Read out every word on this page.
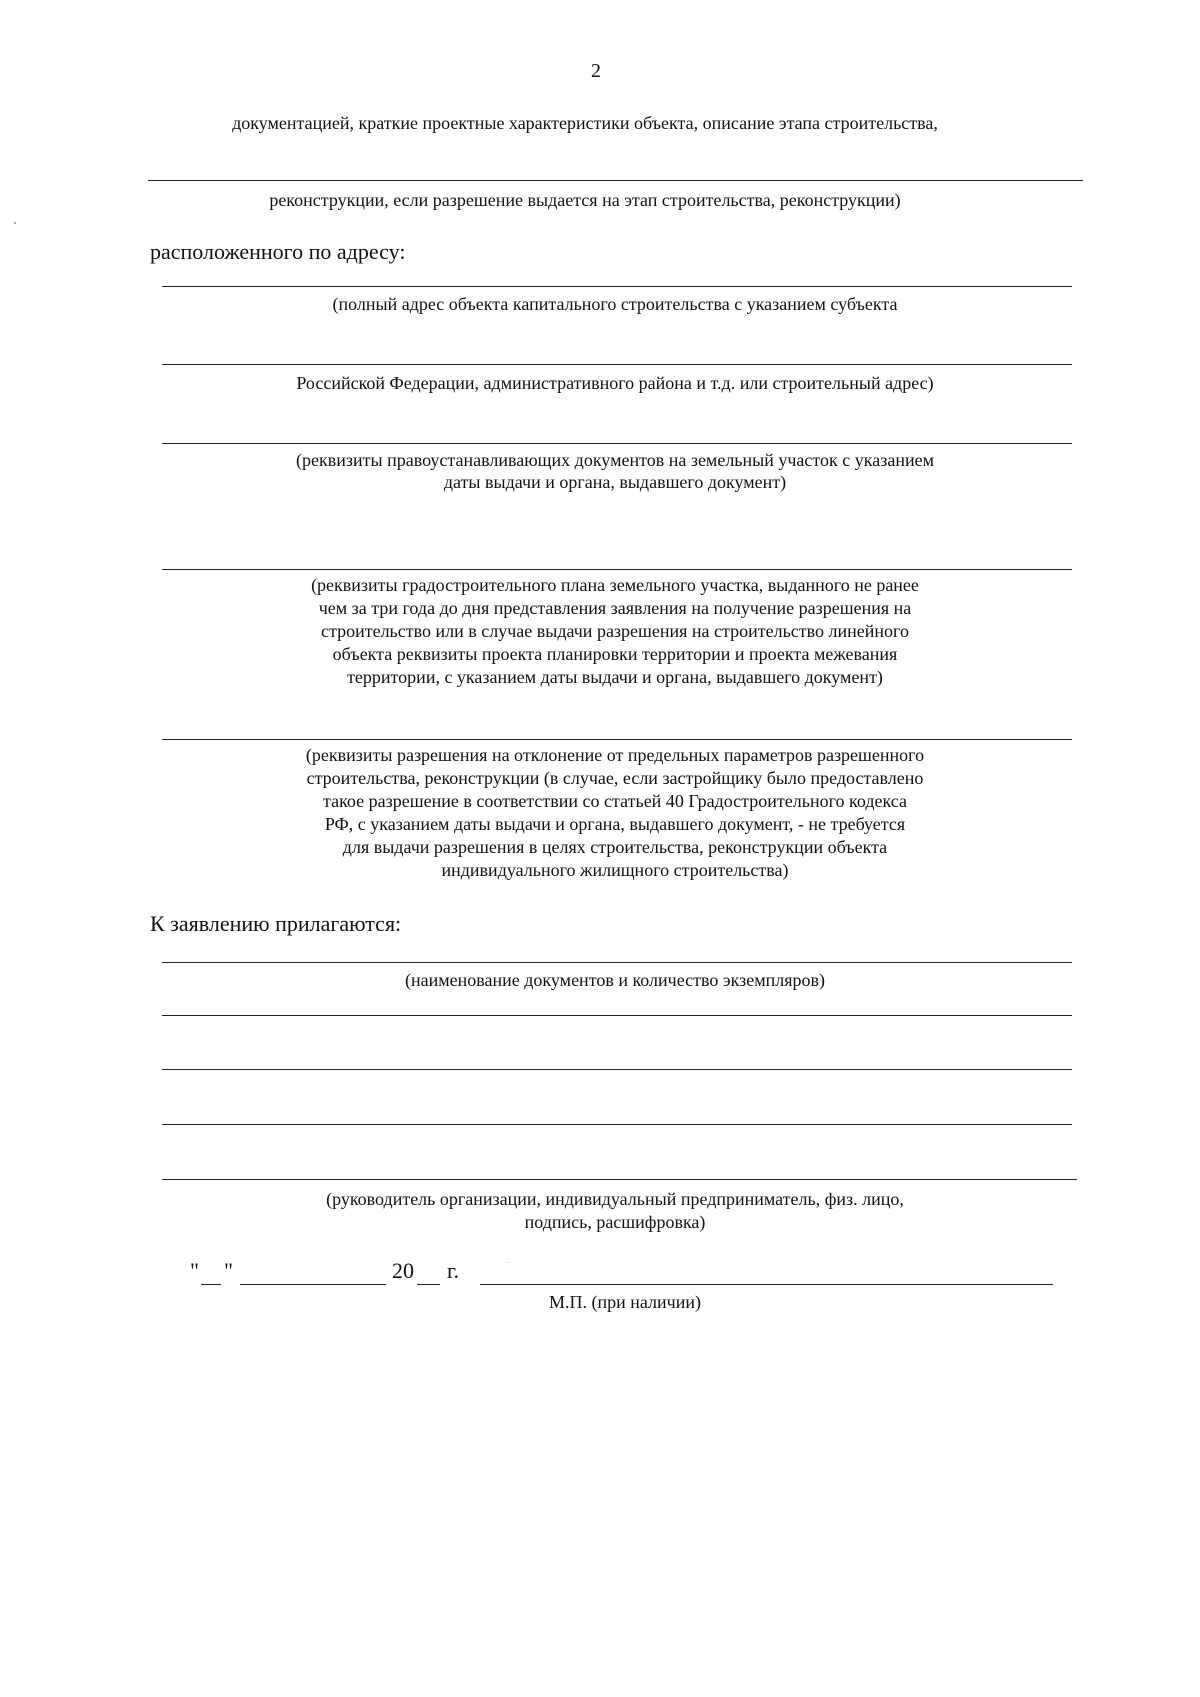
2
документацией, краткие проектные характеристики объекта, описание этапа строительства,
реконструкции, если разрешение выдается на этап строительства, реконструкции)
расположенного по адресу:
(полный адрес объекта капитального строительства с указанием субъекта
Российской Федерации, административного района и т.д. или строительный адрес)
(реквизиты правоустанавливающих документов на земельный участок с указанием
даты выдачи и органа, выдавшего документ)
(реквизиты градостроительного плана земельного участка, выданного не ранее
чем за три года до дня представления заявления на получение разрешения на
строительство или в случае выдачи разрешения на строительство линейного
объекта реквизиты проекта планировки территории и проекта межевания
территории, с указанием даты выдачи и органа, выдавшего документ)
(реквизиты разрешения на отклонение от предельных параметров разрешенного
строительства, реконструкции (в случае, если застройщику было предоставлено
такое разрешение в соответствии со статьей 40 Градостроительного кодекса
РФ, с указанием даты выдачи и органа, выдавшего документ, - не требуется
для выдачи разрешения в целях строительства, реконструкции объекта
индивидуального жилищного строительства)
К заявлению прилагаются:
(наименование документов и количество экземпляров)
(руководитель организации, индивидуальный предприниматель, физ. лицо,
подпись, расшифровка)
" "	20 г.
М.П. (при наличии)
